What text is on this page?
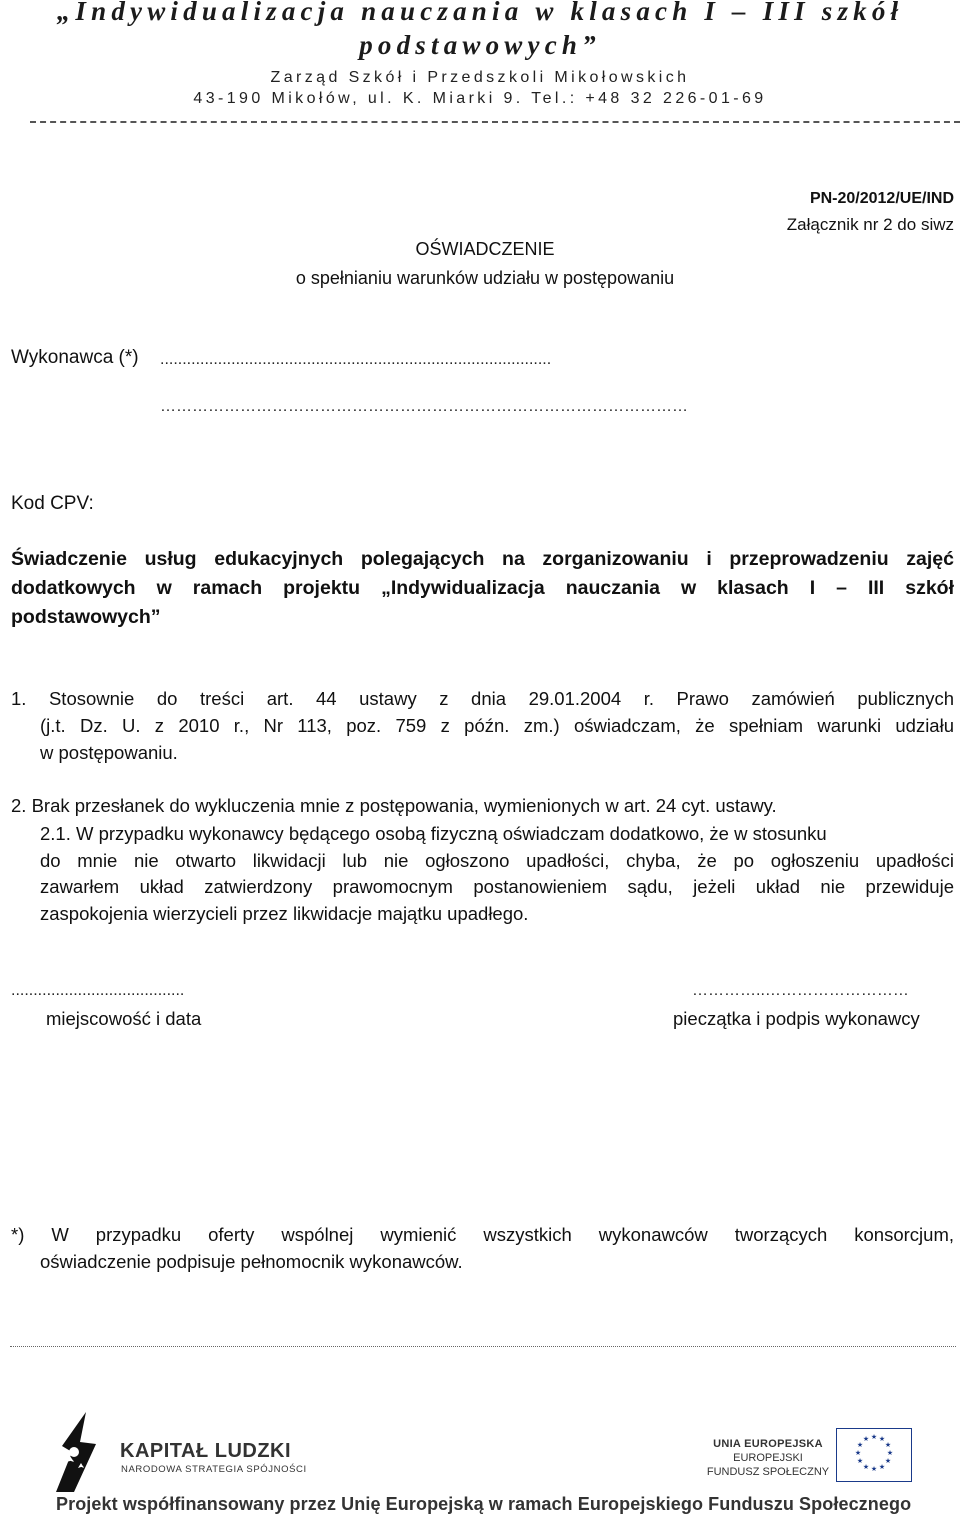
„Indywidualizacja nauczania w klasach I – III szkół
podstawowych”
Zarząd Szkół i Przedszkoli Mikołowskich
43-190 Mikołów, ul. K. Miarki 9. Tel.: +48 32 226-01-69
PN-20/2012/UE/IND
Załącznik nr 2 do siwz
OŚWIADCZENIE
o spełnianiu warunków udziału w postępowaniu
Wykonawca (*) ........................................................................................
………………………………………………………………………………………
Kod CPV:
Świadczenie usług edukacyjnych polegających na zorganizowaniu i przeprowadzeniu zajęć
dodatkowych w ramach projektu „Indywidualizacja nauczania w klasach I – III szkół
podstawowych”
1. Stosownie do treści art. 44 ustawy z dnia 29.01.2004 r. Prawo zamówień publicznych
(j.t. Dz. U. z 2010 r., Nr 113, poz. 759 z późn. zm.) oświadczam, że spełniam warunki udziału
w postępowaniu.
2. Brak przesłanek do wykluczenia mnie z postępowania, wymienionych w art. 24 cyt. ustawy.
2.1. W przypadku wykonawcy będącego osobą fizyczną oświadczam dodatkowo, że w stosunku
do mnie nie otwarto likwidacji lub nie ogłoszono upadłości, chyba, że po ogłoszeniu upadłości
zawarłem układ zatwierdzony prawomocnym postanowieniem sądu, jeżeli układ nie przewiduje
zaspokojenia wierzycieli przez likwidacje majątku upadłego.
.......................................
miejscowość i data
…………..………………………
pieczątka i podpis wykonawcy
*) W przypadku oferty wspólnej wymienić wszystkich wykonawców tworzących konsorcjum,
oświadczenie podpisuje pełnomocnik wykonawców.
KAPITAŁ LUDZKI
NARODOWA STRATEGIA SPÓJNOŚCI
UNIA EUROPEJSKA
EUROPEJSKI
FUNDUSZ SPOŁECZNY
★ ★
★
★
★
★
★
★
★
★
★
★
Projekt współfinansowany przez Unię Europejską w ramach Europejskiego Funduszu Społecznego
